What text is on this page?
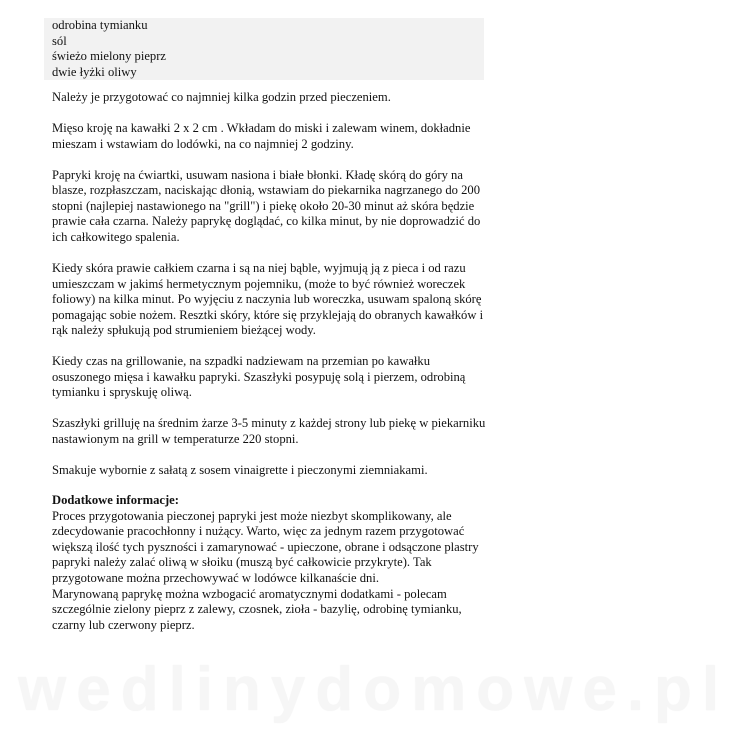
odrobina tymianku
sól
świeżo mielony pieprz
dwie łyżki oliwy

Należy je przygotować co najmniej kilka godzin przed pieczeniem.

Mięso kroję na kawałki 2 x 2 cm . Wkładam do miski i zalewam winem, dokładnie
mieszam i wstawiam do lodówki, na co najmniej 2 godziny.

Papryki kroję na ćwiartki, usuwam nasiona i białe błonki. Kładę skórą do góry na
blasze, rozpłaszczam, naciskając dłonią, wstawiam do piekarnika nagrzanego do 200
stopni (najlepiej nastawionego na "grill") i piekę około 20-30 minut aż skóra będzie
prawie cała czarna. Należy paprykę doglądać, co kilka minut, by nie doprowadzić do
ich całkowitego spalenia.

Kiedy skóra prawie całkiem czarna i są na niej bąble, wyjmują ją z pieca i od razu
umieszczam w jakimś hermetycznym pojemniku, (może to być również woreczek
foliowy) na kilka minut. Po wyjęciu z naczynia lub woreczka, usuwam spaloną skórę
pomagając sobie nożem. Resztki skóry, które się przyklejają do obranych kawałków i
rąk należy spłukują pod strumieniem bieżącej wody.

Kiedy czas na grillowanie, na szpadki nadziewam na przemian po kawałku
osuszonego mięsa i kawałku papryki. Szaszłyki posypuję solą i pierzem, odrobiną
tymianku i spryskuję oliwą.

Szaszłyki grilluję na średnim żarze 3-5 minuty z każdej strony lub piekę w piekarniku
nastawionym na grill w temperaturze 220 stopni.

Smakuje wybornie z sałatą z sosem vinaigrette i pieczonymi ziemniakami.

Dodatkowe informacje:
Proces przygotowania pieczonej papryki jest może niezbyt skomplikowany, ale
zdecydowanie pracochłonny i nużący. Warto, więc za jednym razem przygotować
większą ilość tych pyszności i zamarynować - upieczone, obrane i odsączone plastry
papryki należy zalać oliwą w słoiku (muszą być całkowicie przykryte). Tak
przygotowane można przechowywać w lodówce kilkanaście dni.
Marynowaną paprykę można wzbogacić aromatycznymi dodatkami - polecam
szczególnie zielony pieprz z zalewy, czosnek, zioła - bazylię, odrobinę tymianku,
czarny lub czerwony pieprz.
wedlinydomowe.pl
